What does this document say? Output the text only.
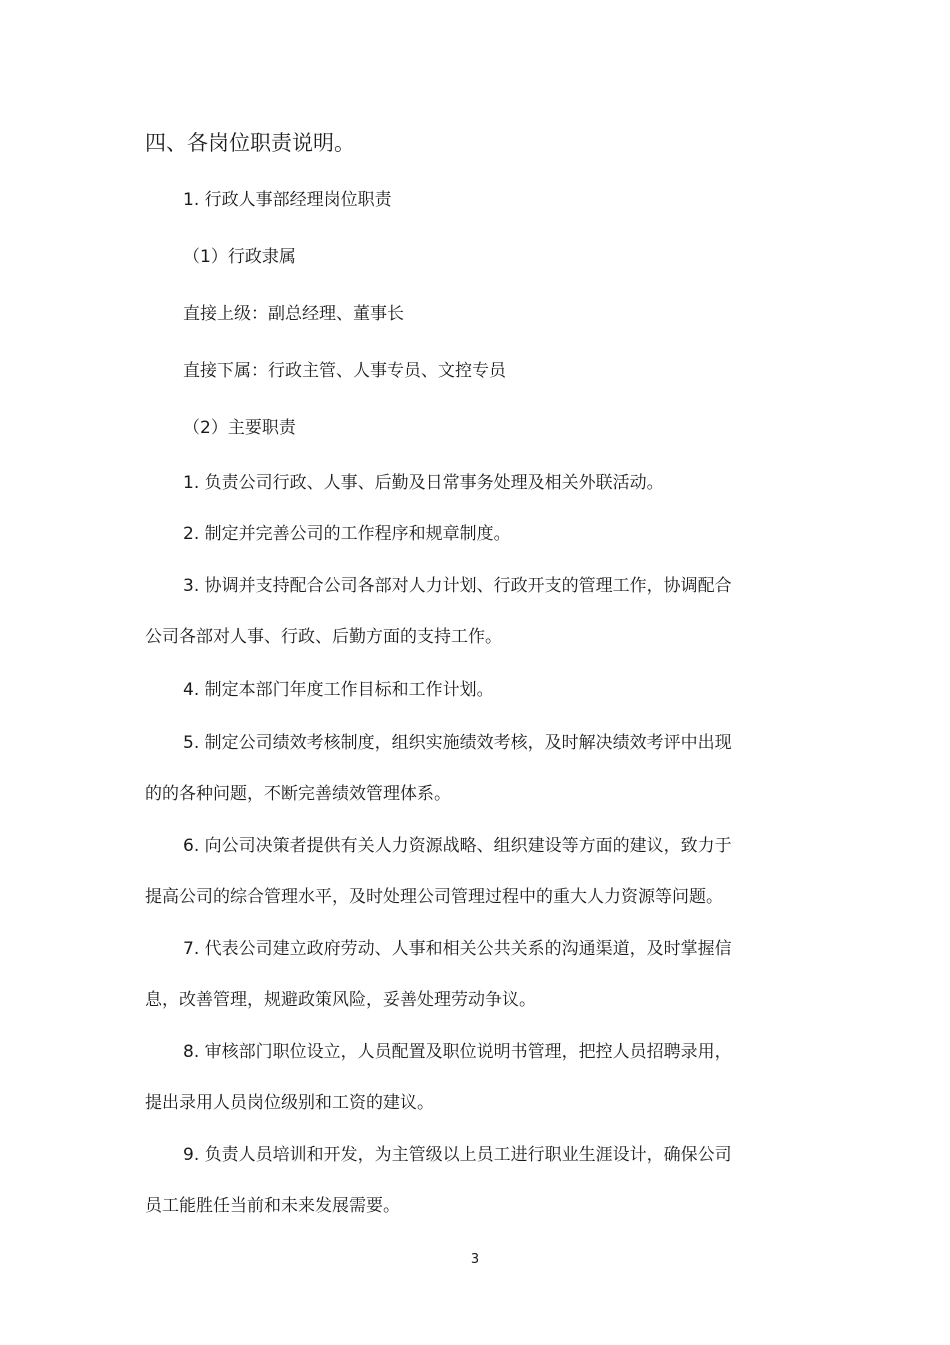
四、各岗位职责说明。
1. 行政人事部经理岗位职责
（1）行政隶属
直接上级：副总经理、董事长
直接下属：行政主管、人事专员、文控专员
（2）主要职责
1. 负责公司行政、人事、后勤及日常事务处理及相关外联活动。
2. 制定并完善公司的工作程序和规章制度。
3. 协调并支持配合公司各部对人力计划、行政开支的管理工作，协调配合
公司各部对人事、行政、后勤方面的支持工作。
4. 制定本部门年度工作目标和工作计划。
5. 制定公司绩效考核制度，组织实施绩效考核，及时解决绩效考评中出现
的的各种问题，不断完善绩效管理体系。
6. 向公司决策者提供有关人力资源战略、组织建设等方面的建议，致力于
提高公司的综合管理水平，及时处理公司管理过程中的重大人力资源等问题。
7. 代表公司建立政府劳动、人事和相关公共关系的沟通渠道，及时掌握信
息，改善管理，规避政策风险，妥善处理劳动争议。
8. 审核部门职位设立，人员配置及职位说明书管理，把控人员招聘录用，
提出录用人员岗位级别和工资的建议。
9. 负责人员培训和开发，为主管级以上员工进行职业生涯设计，确保公司
员工能胜任当前和未来发展需要。
3
